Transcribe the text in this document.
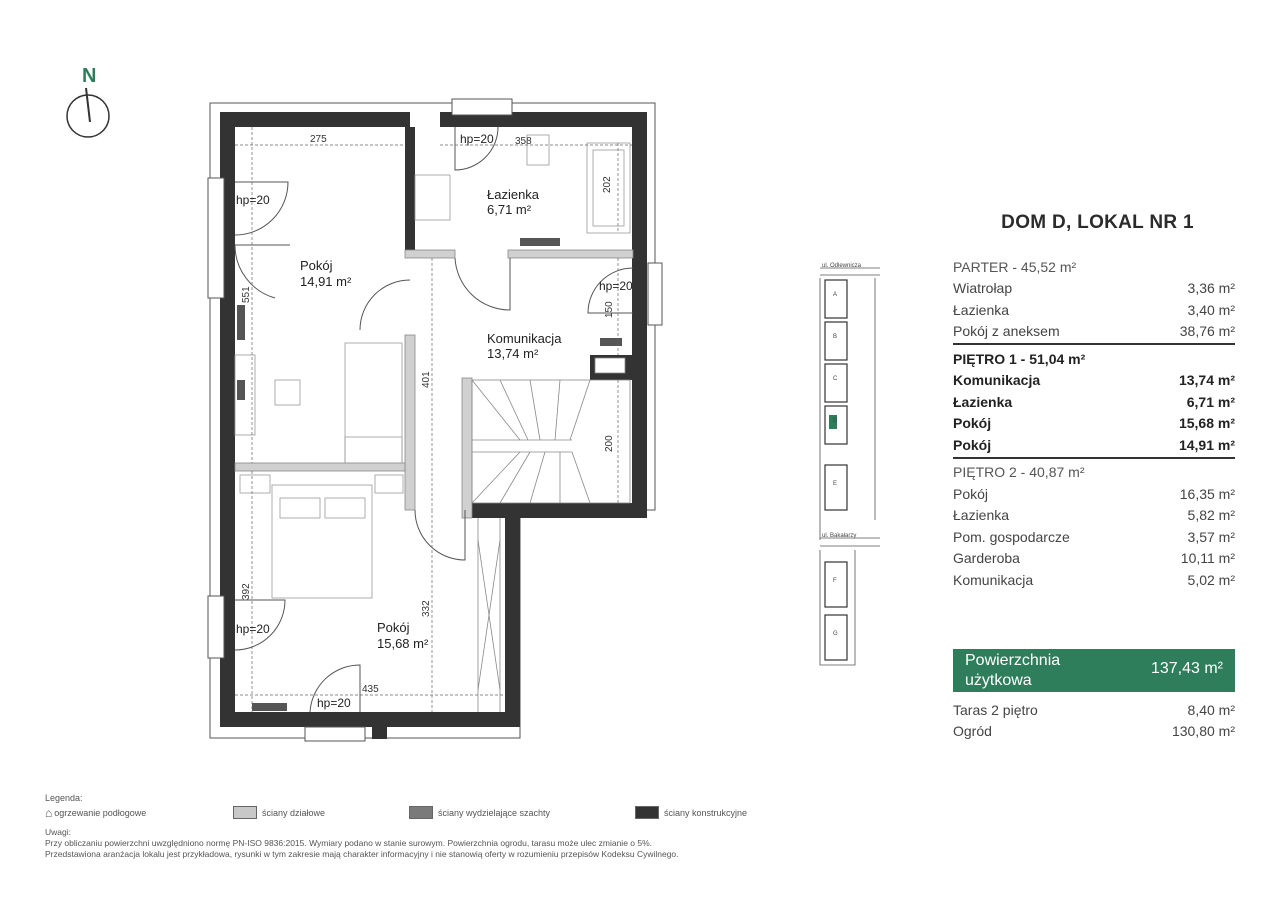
N
275	358
202
551
150
401
200
392
332
435
hp=20
hp=20
hp=20
hp=20
hp=20
Łazienka
6,71 m²
Pokój
14,91 m²
Komunikacja
13,74 m²
Pokój
15,68 m²
ul. Odlewnicza
ul. Bakałarzy
A
B
C
D
E
F
G
DOM D, LOKAL NR 1
PARTER - 45,52 m²
Wiatrołap	3,36 m²
Łazienka	3,40 m²
Pokój z aneksem	38,76 m²
PIĘTRO 1 - 51,04 m²
Komunikacja	13,74 m²
Łazienka	6,71 m²
Pokój	15,68 m²
Pokój	14,91 m²
PIĘTRO 2 - 40,87 m²
Pokój	16,35 m²
Łazienka	5,82 m²
Pom. gospodarcze	3,57 m²
Garderoba	10,11 m²
Komunikacja	5,02 m²
Powierzchnia użytkowa
137,43 m²
Taras 2 piętro	8,40 m²
Ogród	130,80 m²
Legenda:
⌂ ogrzewanie podłogowe	ściany działowe	ściany wydzielające szachty	ściany konstrukcyjne
Uwagi:
Przy obliczaniu powierzchni uwzględniono normę PN-ISO 9836:2015. Wymiary podano w stanie surowym. Powierzchnia ogrodu, tarasu może ulec zmianie o 5%.
Przedstawiona aranżacja lokalu jest przykładowa, rysunki w tym zakresie mają charakter informacyjny i nie stanowią oferty w rozumieniu przepisów Kodeksu Cywilnego.
